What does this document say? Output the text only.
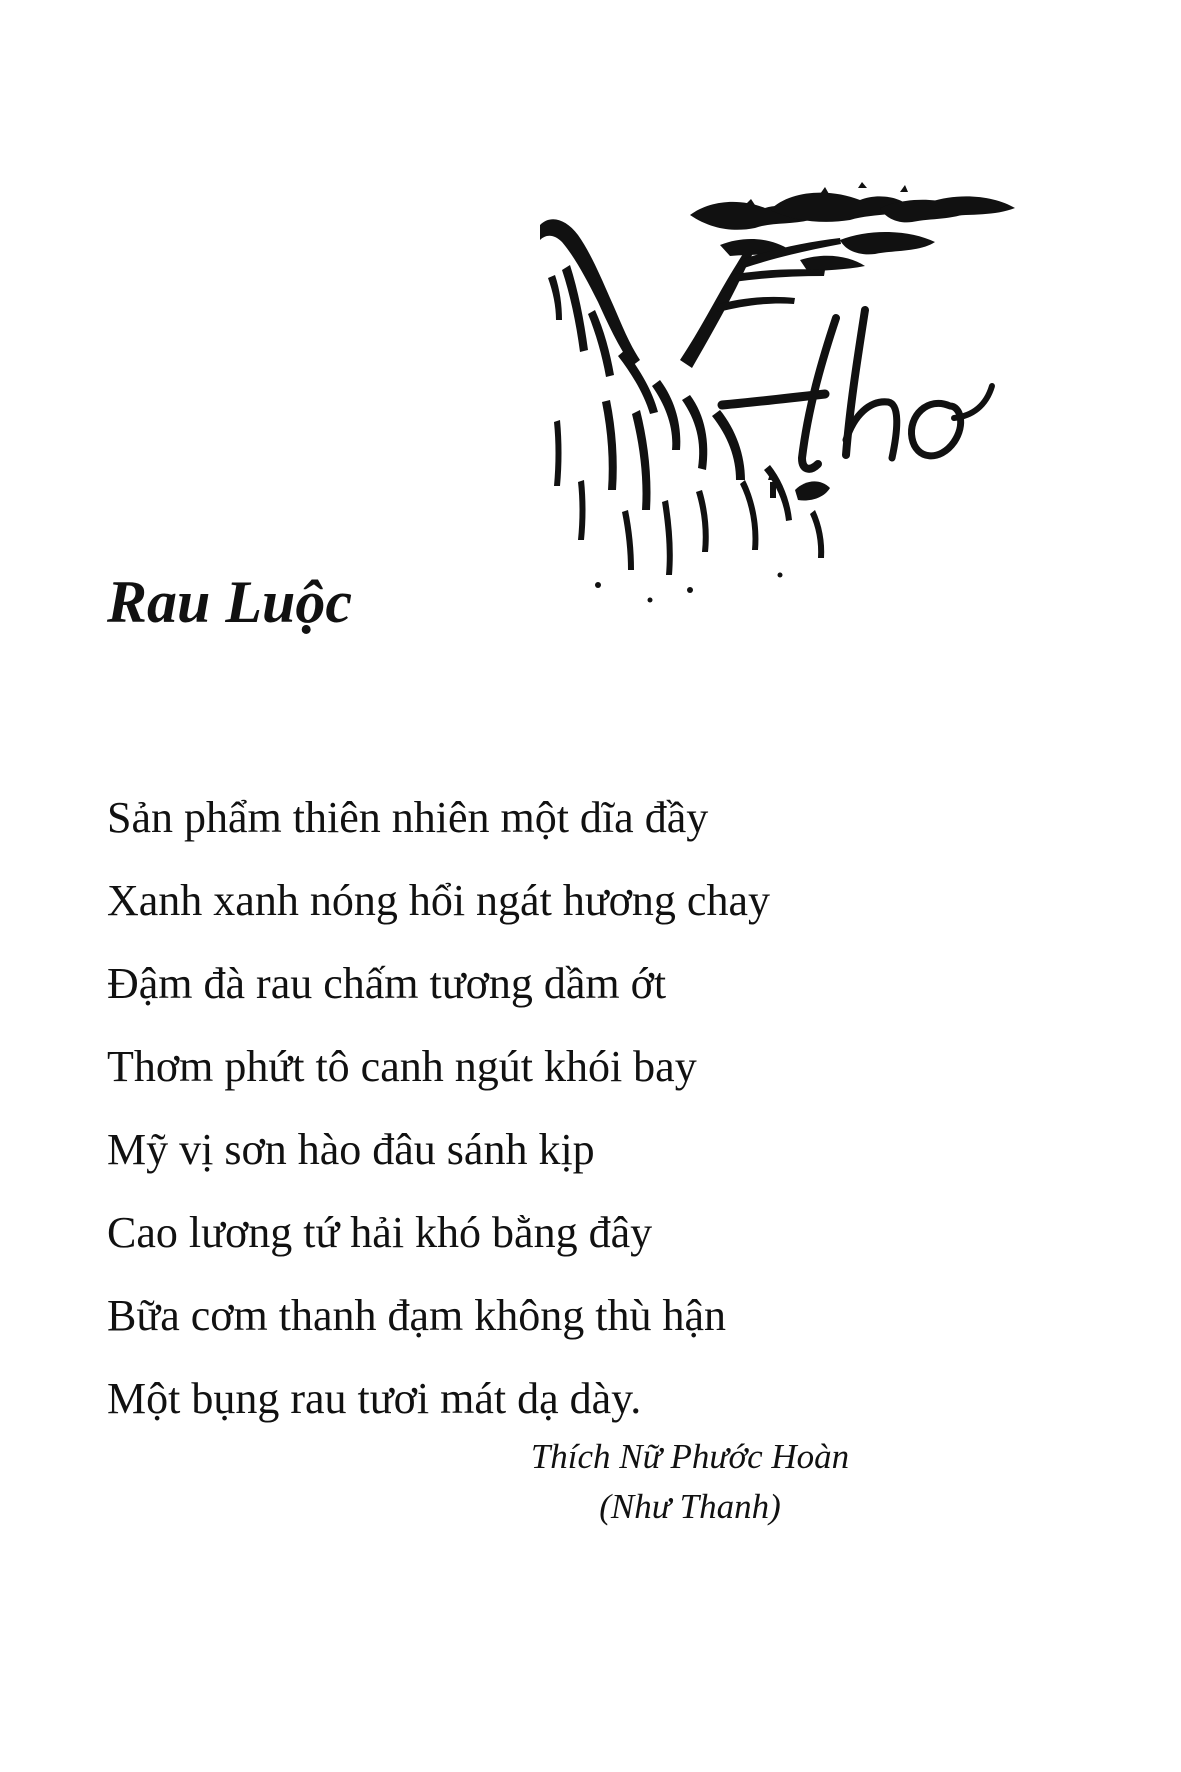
Rau Luộc
Sản phẩm thiên nhiên một dĩa đầy
Xanh xanh nóng hổi ngát hương chay
Đậm đà rau chấm tương dầm ớt
Thơm phứt tô canh ngút khói bay
Mỹ vị sơn hào đâu sánh kịp
Cao lương tứ hải khó bằng đây
Bữa cơm thanh đạm không thù hận
Một bụng rau tươi mát dạ dày.
Thích Nữ Phước Hoàn
(Như Thanh)
